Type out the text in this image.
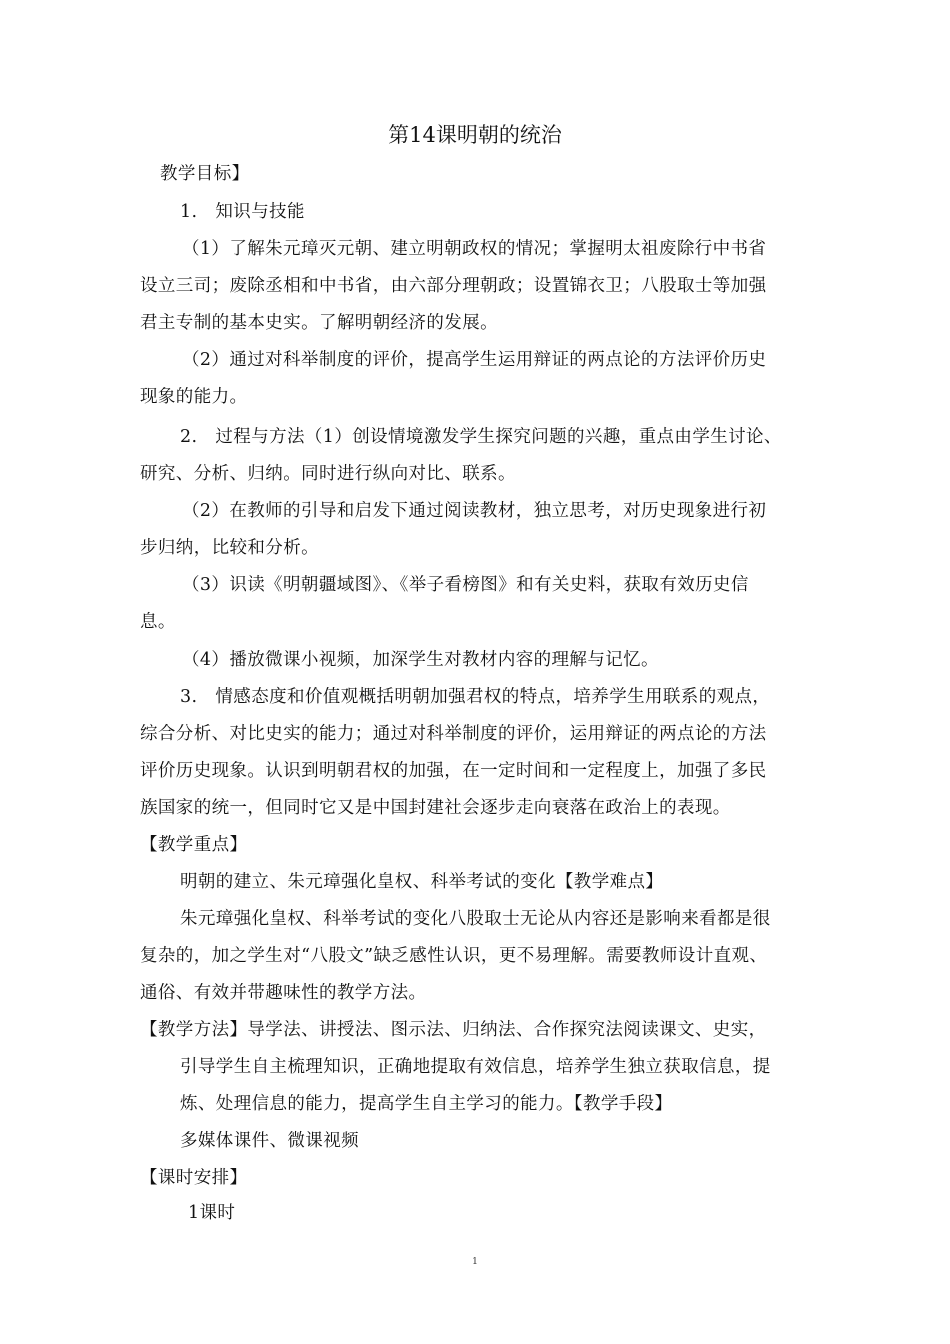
第14课明朝的统治

教学目标】

1.　知识与技能

（1）了解朱元璋灭元朝、建立明朝政权的情况；掌握明太祖废除行中书省

设立三司；废除丞相和中书省，由六部分理朝政；设置锦衣卫；八股取士等加强

君主专制的基本史实。了解明朝经济的发展。

（2）通过对科举制度的评价，提高学生运用辩证的两点论的方法评价历史

现象的能力。

2.　过程与方法（1）创设情境激发学生探究问题的兴趣，重点由学生讨论、

研究、分析、归纳。同时进行纵向对比、联系。

（2）在教师的引导和启发下通过阅读教材，独立思考，对历史现象进行初

步归纳，比较和分析。

（3）识读《明朝疆域图》、《举子看榜图》和有关史料，获取有效历史信

息。

（4）播放微课小视频，加深学生对教材内容的理解与记忆。

3.　情感态度和价值观概括明朝加强君权的特点，培养学生用联系的观点，

综合分析、对比史实的能力；通过对科举制度的评价，运用辩证的两点论的方法

评价历史现象。认识到明朝君权的加强，在一定时间和一定程度上，加强了多民

族国家的统一，但同时它又是中国封建社会逐步走向衰落在政治上的表现。

【教学重点】

明朝的建立、朱元璋强化皇权、科举考试的变化【教学难点】

朱元璋强化皇权、科举考试的变化八股取士无论从内容还是影响来看都是很

复杂的，加之学生对“八股文”缺乏感性认识，更不易理解。需要教师设计直观、

通俗、有效并带趣味性的教学方法。

【教学方法】导学法、讲授法、图示法、归纳法、合作探究法阅读课文、史实，

引导学生自主梳理知识，正确地提取有效信息，培养学生独立获取信息，提

炼、处理信息的能力，提高学生自主学习的能力。【教学手段】

多媒体课件、微课视频

【课时安排】

1课时

1
